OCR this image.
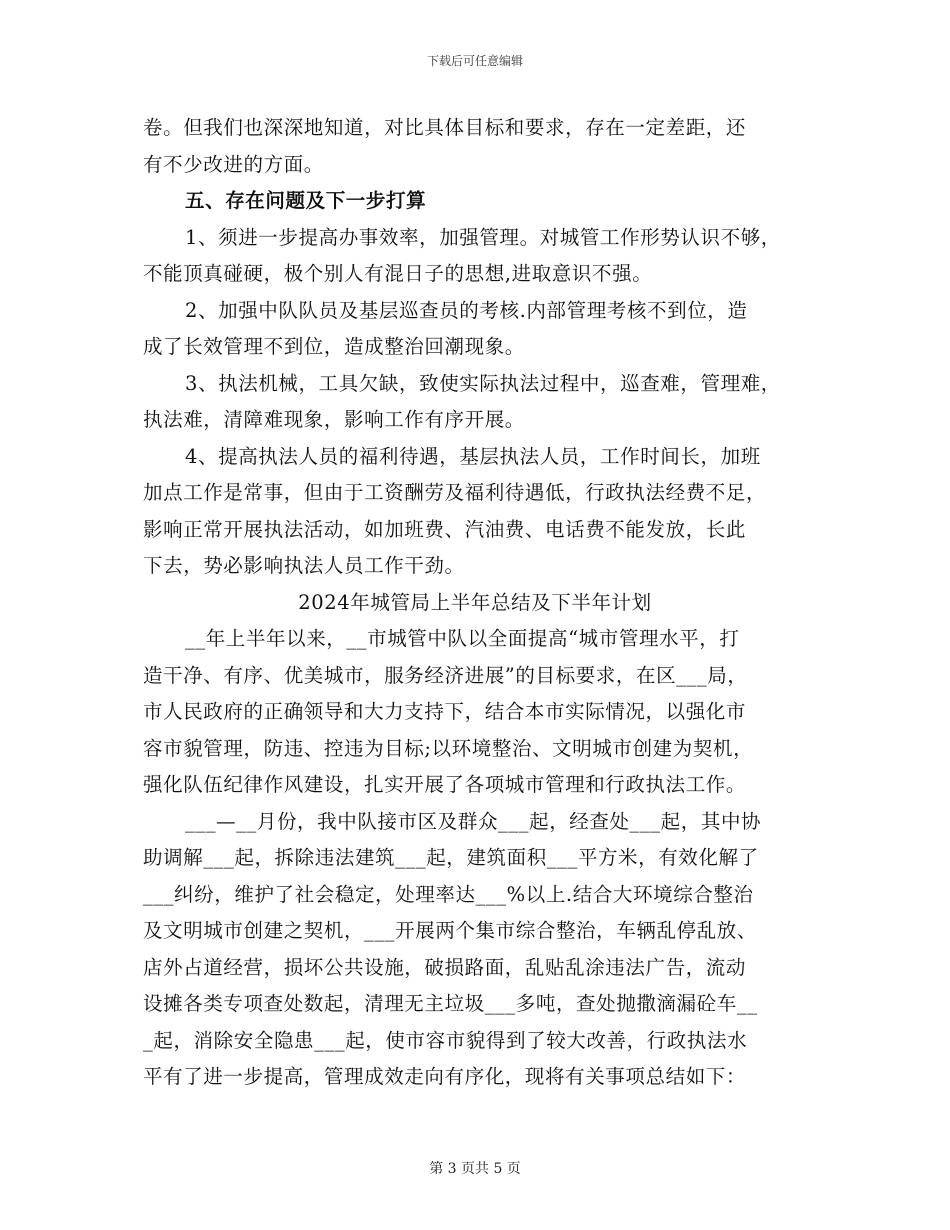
下载后可任意编辑
卷。但我们也深深地知道，对比具体目标和要求，存在一定差距，还
有不少改进的方面。
五、存在问题及下一步打算
1、须进一步提高办事效率，加强管理。对城管工作形势认识不够，
不能顶真碰硬，极个别人有混日子的思想,进取意识不强。
2、加强中队队员及基层巡查员的考核.内部管理考核不到位，造
成了长效管理不到位，造成整治回潮现象。
3、执法机械，工具欠缺，致使实际执法过程中，巡查难，管理难，
执法难，清障难现象，影响工作有序开展。
4、提高执法人员的福利待遇，基层执法人员，工作时间长，加班
加点工作是常事，但由于工资酬劳及福利待遇低，行政执法经费不足，
影响正常开展执法活动，如加班费、汽油费、电话费不能发放，长此
下去，势必影响执法人员工作干劲。
2024年城管局上半年总结及下半年计划
__年上半年以来，__市城管中队以全面提高“城市管理水平，打
造干净、有序、优美城市，服务经济进展”的目标要求，在区___局，
市人民政府的正确领导和大力支持下，结合本市实际情况，以强化市
容市貌管理，防违、控违为目标;以环境整治、文明城市创建为契机，
强化队伍纪律作风建设，扎实开展了各项城市管理和行政执法工作。
___—__月份，我中队接市区及群众___起，经查处___起，其中协
助调解___起，拆除违法建筑___起，建筑面积___平方米，有效化解了
___纠纷，维护了社会稳定，处理率达___%以上.结合大环境综合整治
及文明城市创建之契机，___开展两个集市综合整治，车辆乱停乱放、
店外占道经营，损坏公共设施，破损路面，乱贴乱涂违法广告，流动
设摊各类专项查处数起，清理无主垃圾___多吨，查处抛撒滴漏砼车__
_起，消除安全隐患___起，使市容市貌得到了较大改善，行政执法水
平有了进一步提高，管理成效走向有序化，现将有关事项总结如下：
第 3 页共 5 页
